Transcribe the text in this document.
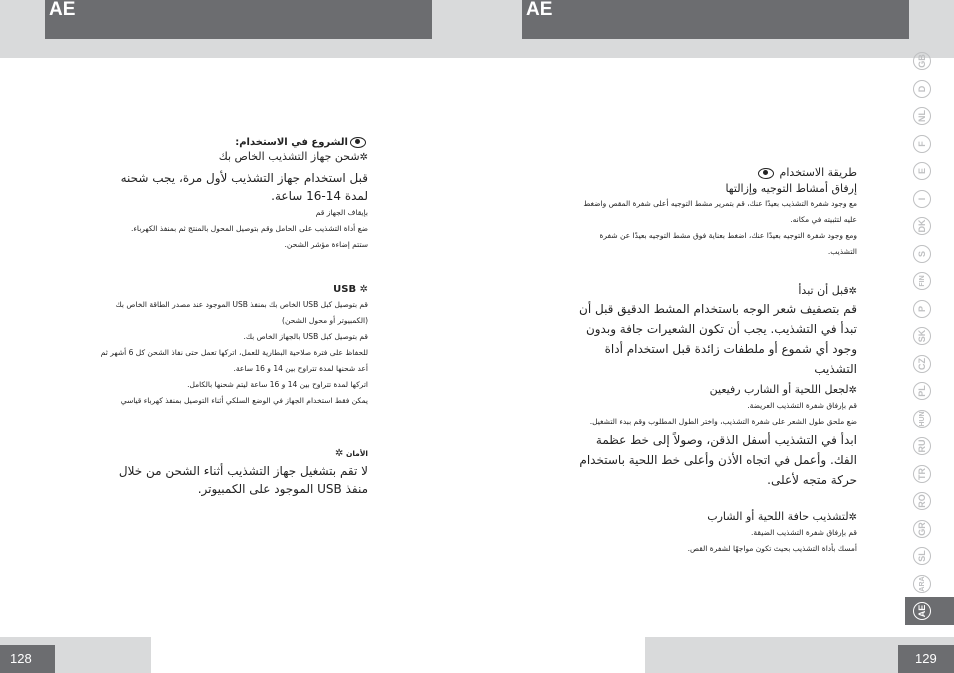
AE

الشروع في الاستخدام:

✲شحن جهاز التشذيب الخاص بك

قبل استخدام جهاز التشذيب لأول مرة، يجب شحنه لمدة 14-16 ساعة.

بإيقاف الجهاز قم

ضع أداة التشذيب على الحامل وقم بتوصيل المحول بالمنتج ثم بمنفذ الكهرباء.

ستتم إضاءة مؤشر الشحن.

USB ✲

قم بتوصيل كبل USB الخاص بك بمنفذ USB الموجود عند مصدر الطاقة الخاص بك (الكمبيوتر أو محول الشحن)

قم بتوصيل كبل USB بالجهاز الخاص بك.

للحفاظ على فترة صلاحية البطارية للعمل، اتركها تعمل حتى نفاذ الشحن كل 6 أشهر ثم أعد شحنها لمدة تتراوح بين 14 و 16 ساعة.

اتركها لمدة تتراوح بين 14 و 16 ساعة ليتم شحنها بالكامل.

يمكن فقط استخدام الجهاز في الوضع السلكي أثناء التوصيل بمنفذ كهرباء قياسي

الأمان ✲

لا تقم بتشغيل جهاز التشذيب أثناء الشحن من خلال منفذ USB الموجود على الكمبيوتر.

128
AE

طريقة الاستخدام

إرفاق أمشاط التوجيه وإزالتها

مع وجود شفرة التشذيب بعيدًا عنك، قم بتمرير مشط التوجيه أعلى شفرة المقص واضغط عليه لتثبيته في مكانه.

ومع وجود شفرة التوجيه بعيدًا عنك، اضغط بعناية فوق مشط التوجيه بعيدًا عن شفرة التشذيب.

✲قبل أن تبدأ

قم بتصفيف شعر الوجه باستخدام المشط الدقيق قبل أن تبدأ في التشذيب. يجب أن تكون الشعيرات جافة وبدون وجود أي شموع أو ملطفات زائدة قبل استخدام أداة التشذيب

✲لجعل اللحية أو الشارب رفيعين

قم بإرفاق شفرة التشذيب العريضة.

ضع ملحق طول الشعر على شفرة التشذيب، واختر الطول المطلوب وقم ببدء التشغيل.

ابدأ في التشذيب أسفل الذقن، وصولاً إلى خط عظمة الفك. وأعمل في اتجاه الأذن وأعلى خط اللحية باستخدام حركة متجه لأعلى.

✲لتشذيب حافة اللحية أو الشارب

قم بإرفاق شفرة التشذيب الضيقة.

أمسك بأداة التشذيب بحيث تكون مواجهًا لشفرة القص.

GB
D
NL
F
E
I
DK
S
FIN
P
SK
CZ
PL
HUN
RU
TR
RO
GR
SL
ARA
AE
129
